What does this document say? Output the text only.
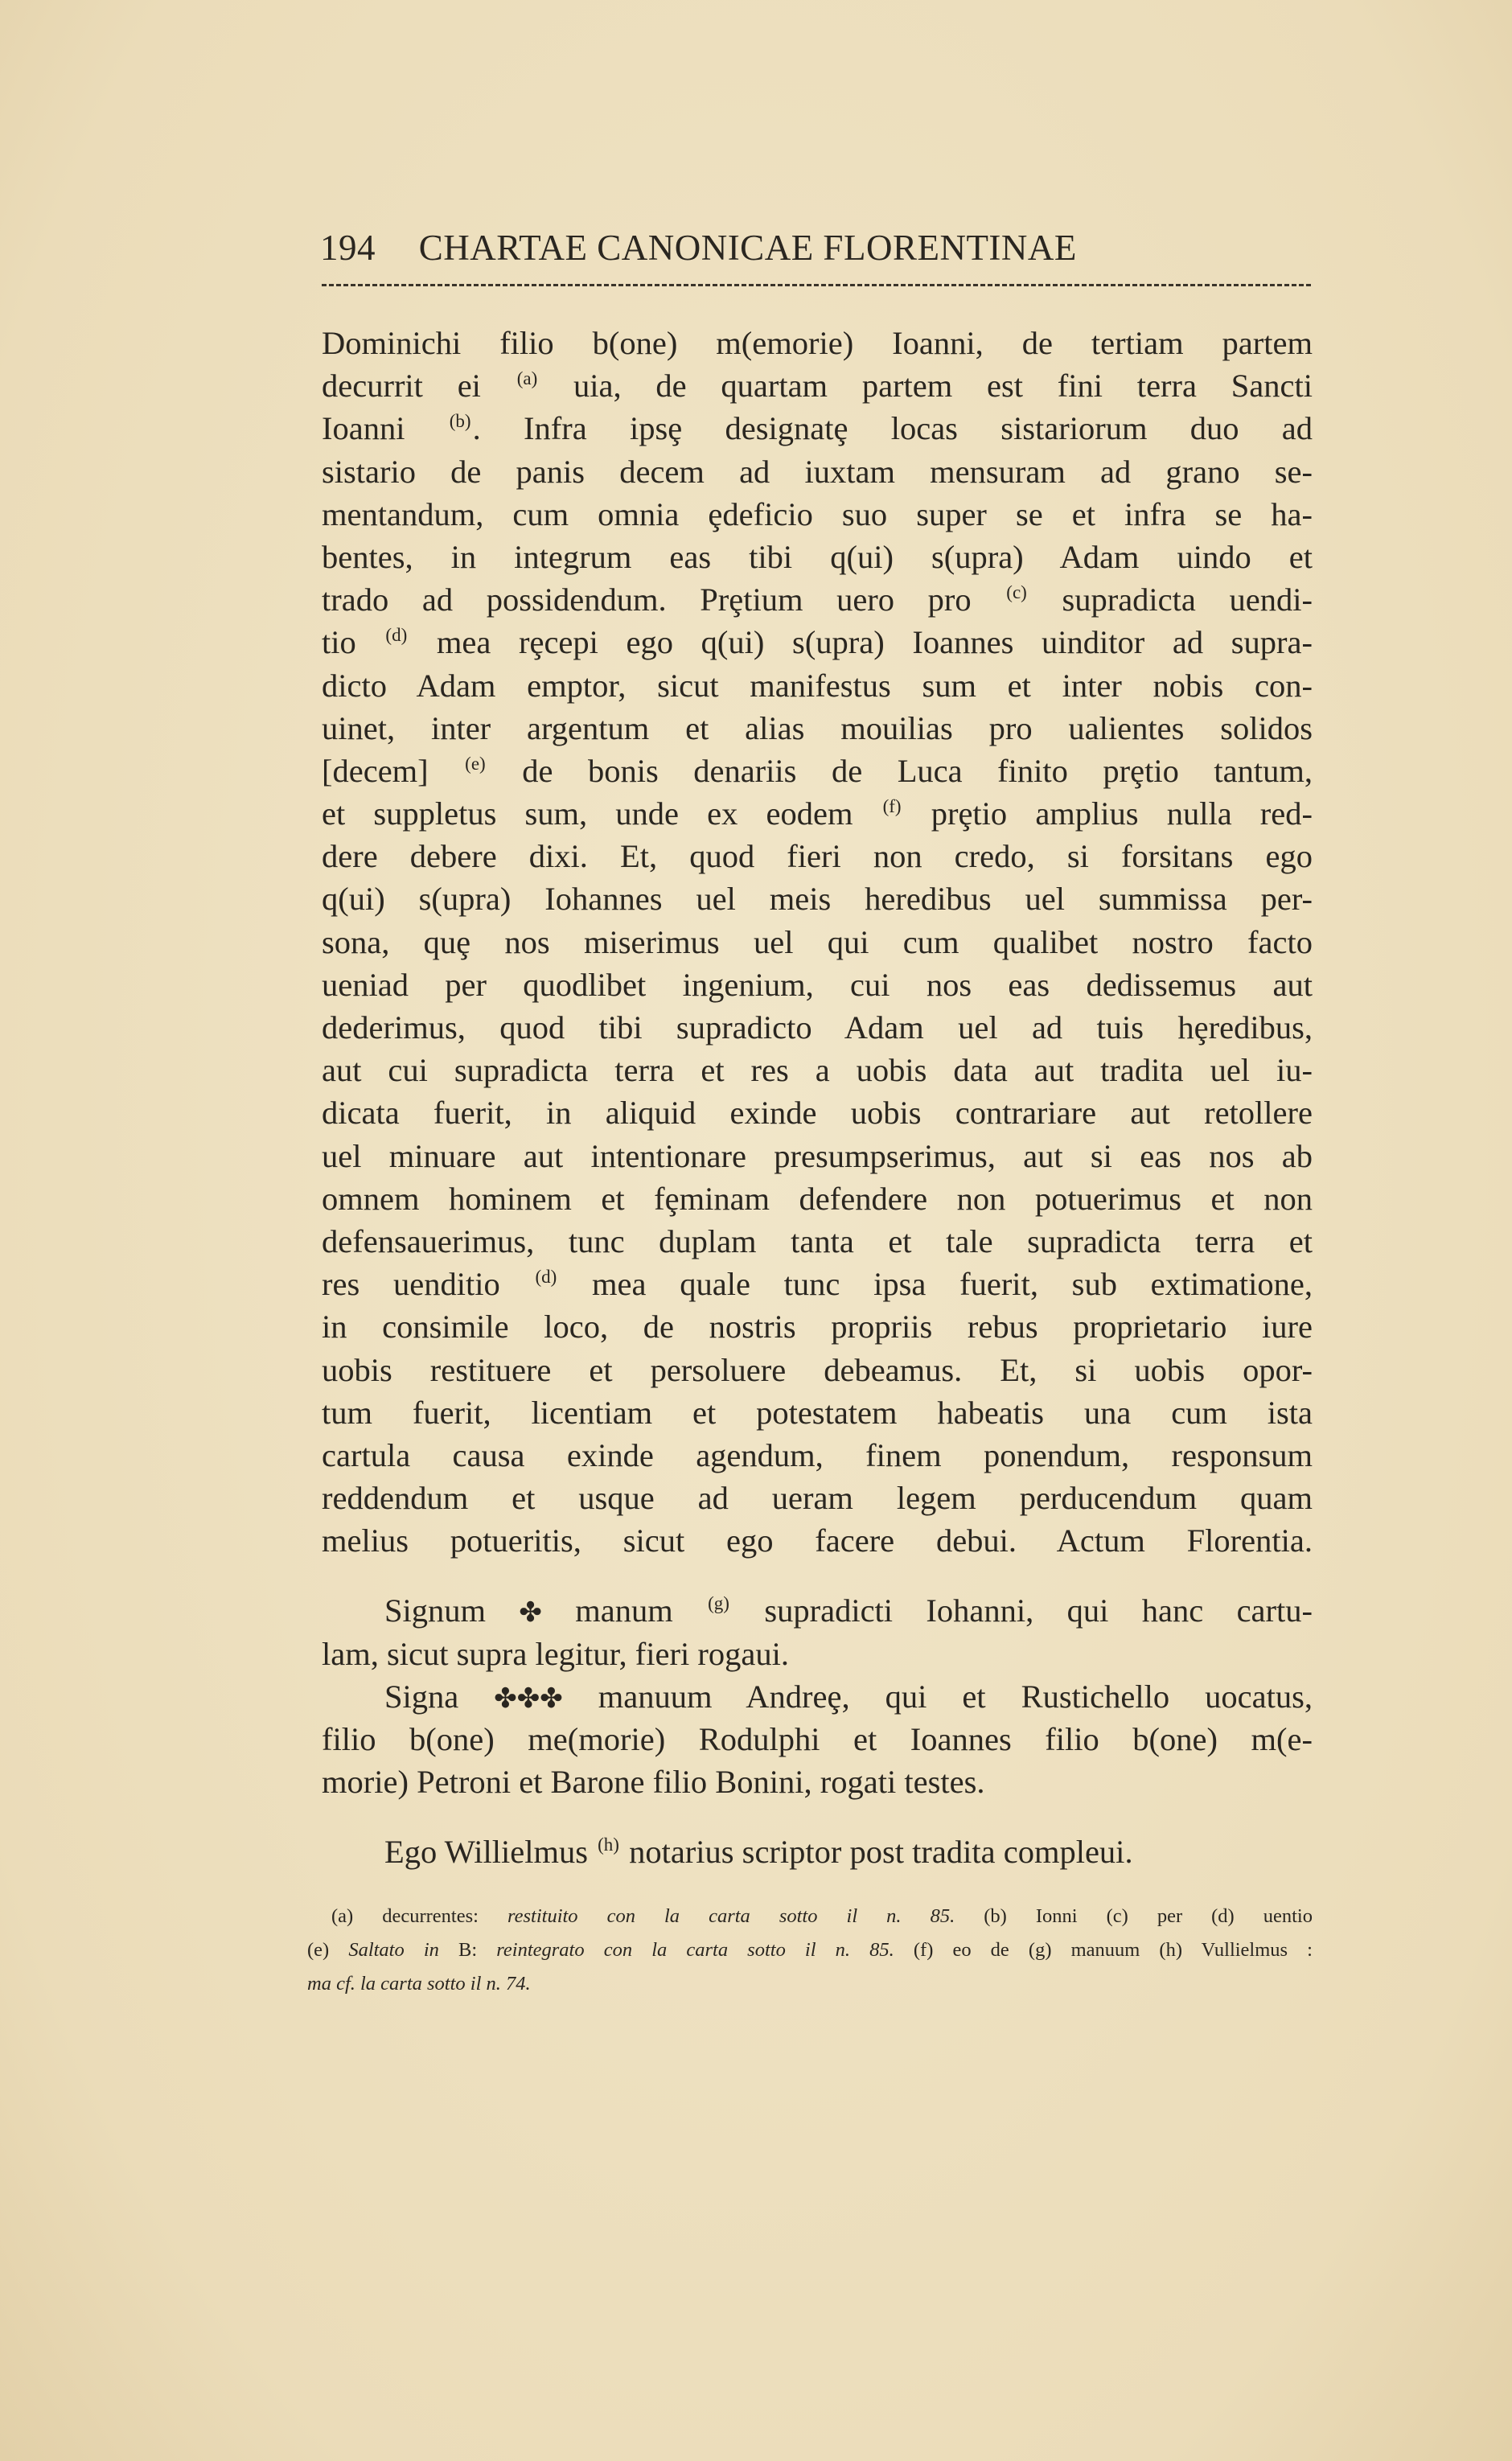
194 CHARTAE CANONICAE FLORENTINAE
Dominichi filio b(one) m(emorie) Ioanni, de tertiam partem
decurrit ei $^{(a)}$ uia, de quartam partem est fini terra Sancti
Ioanni $^{(b)}$. Infra ipsȩ designatȩ locas sistariorum duo ad
sistario de panis decem ad iuxtam mensuram ad grano se-
mentandum, cum omnia ȩdeficio suo super se et infra se ha-
bentes, in integrum eas tibi q(ui) s(upra) Adam uindo et
trado ad possidendum. Prȩtium uero pro $^{(c)}$ supradicta uendi-
tio $^{(d)}$ mea rȩcepi ego q(ui) s(upra) Ioannes uinditor ad supra-
dicto Adam emptor, sicut manifestus sum et inter nobis con-
uinet, inter argentum et alias mouilias pro ualientes solidos
[decem] $^{(e)}$ de bonis denariis de Luca finito prȩtio tantum,
et suppletus sum, unde ex eodem $^{(f)}$ prȩtio amplius nulla red-
dere debere dixi. Et, quod fieri non credo, si forsitans ego
q(ui) s(upra) Iohannes uel meis heredibus uel summissa per-
sona, quȩ nos miserimus uel qui cum qualibet nostro facto
ueniad per quodlibet ingenium, cui nos eas dedissemus aut
dederimus, quod tibi supradicto Adam uel ad tuis hȩredibus,
aut cui supradicta terra et res a uobis data aut tradita uel iu-
dicata fuerit, in aliquid exinde uobis contrariare aut retollere
uel minuare aut intentionare presumpserimus, aut si eas nos ab
omnem hominem et fȩminam defendere non potuerimus et non
defensauerimus, tunc duplam tanta et tale supradicta terra et
res uenditio $^{(d)}$ mea quale tunc ipsa fuerit, sub extimatione,
in consimile loco, de nostris propriis rebus proprietario iure
uobis restituere et persoluere debeamus. Et, si uobis opor-
tum fuerit, licentiam et potestatem habeatis una cum ista
cartula causa exinde agendum, finem ponendum, responsum
reddendum et usque ad ueram legem perducendum quam
melius potueritis, sicut ego facere debui. Actum Florentia.
Signum ✤ manum $^{(g)}$ supradicti Iohanni, qui hanc cartu-
lam, sicut supra legitur, fieri rogaui.
Signa ✤✤✤ manuum Andreȩ, qui et Rustichello uocatus,
filio b(one) me(morie) Rodulphi et Ioannes filio b(one) m(e-
morie) Petroni et Barone filio Bonini, rogati testes.
Ego Willielmus $^{(h)}$ notarius scriptor post tradita compleui.
(a) decurrentes: restituito con la carta sotto il n. 85. (b) Ionni (c) per (d) uentio
(e) Saltato in B: reintegrato con la carta sotto il n. 85. (f) eo de (g) manuum (h) Vullielmus :
ma cf. la carta sotto il n. 74.
